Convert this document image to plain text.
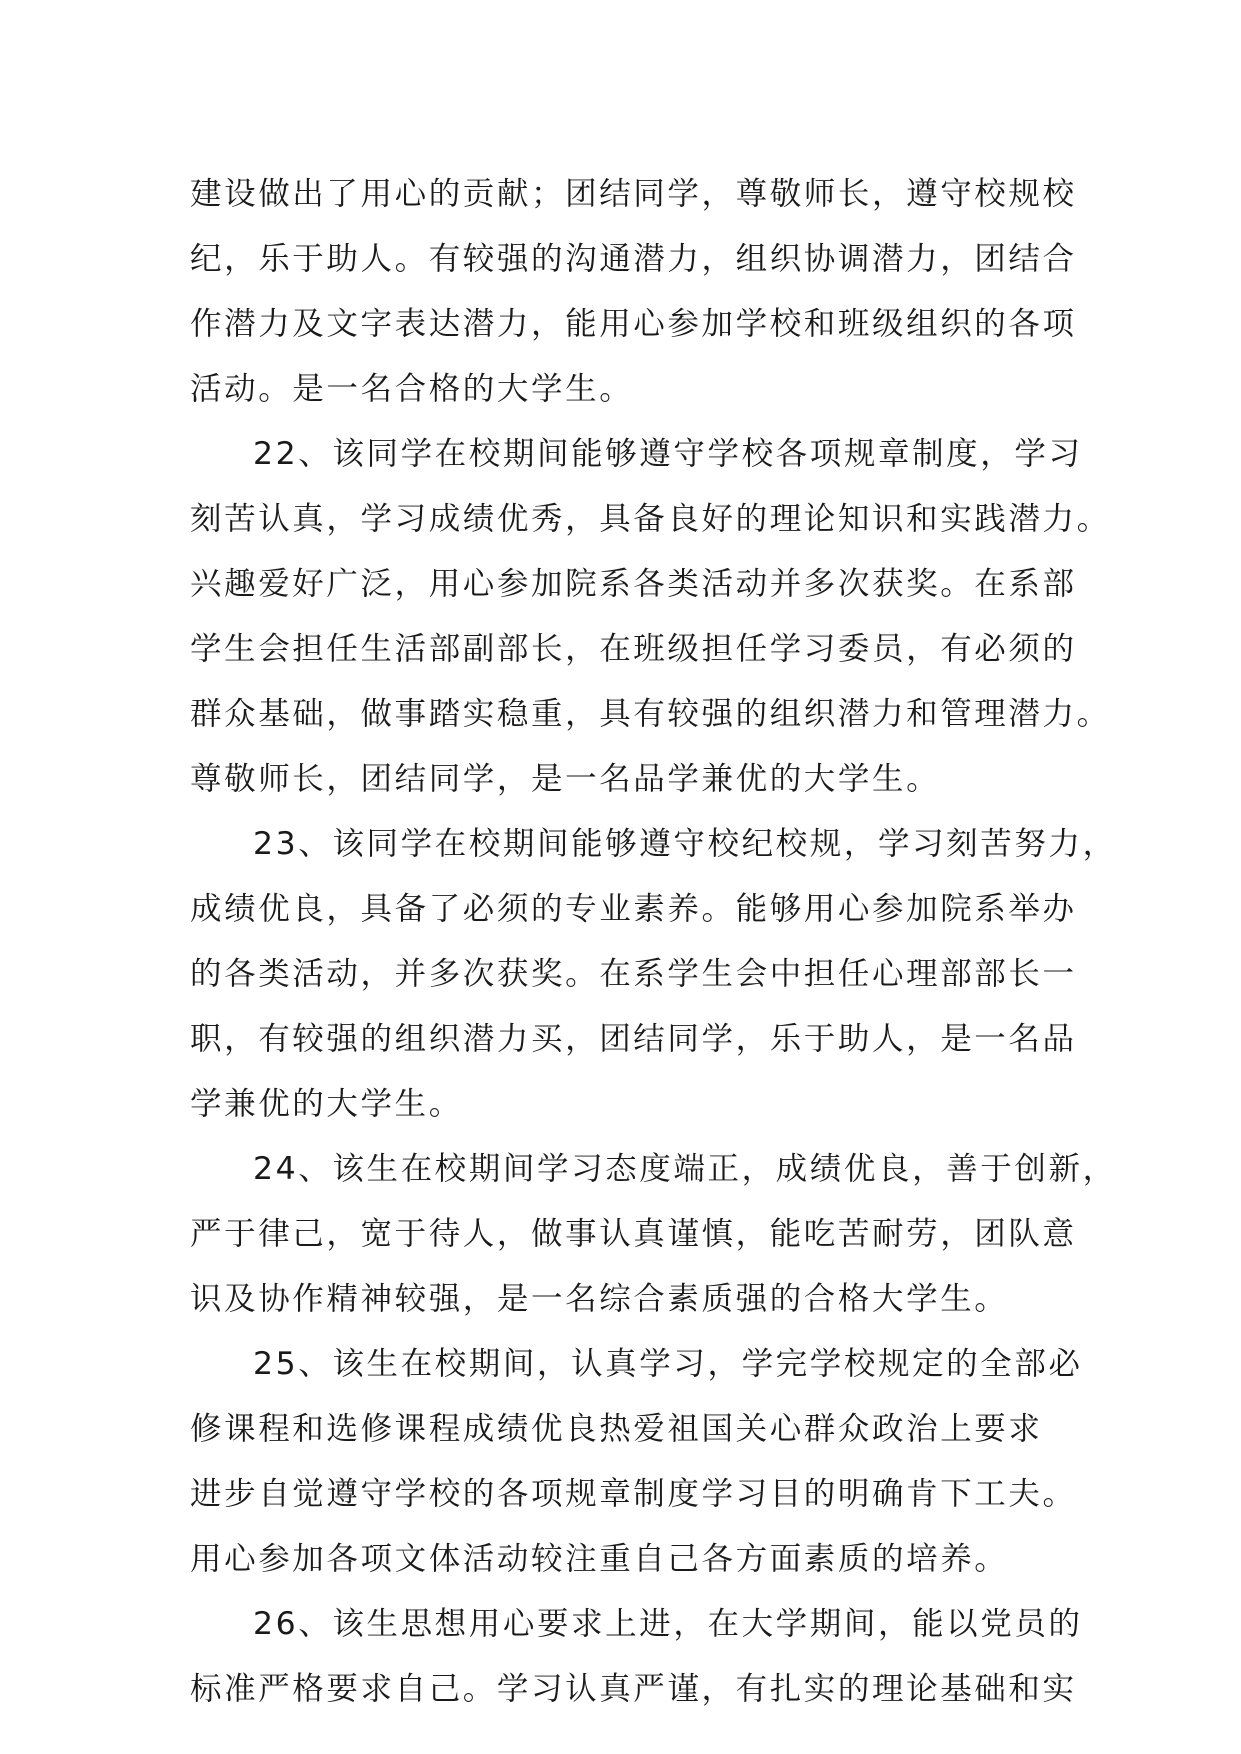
建设做出了用心的贡献；团结同学，尊敬师长，遵守校规校
纪，乐于助人。有较强的沟通潜力，组织协调潜力，团结合
作潜力及文字表达潜力，能用心参加学校和班级组织的各项
活动。是一名合格的大学生。
22、该同学在校期间能够遵守学校各项规章制度，学习
刻苦认真，学习成绩优秀，具备良好的理论知识和实践潜力。
兴趣爱好广泛，用心参加院系各类活动并多次获奖。在系部
学生会担任生活部副部长，在班级担任学习委员，有必须的
群众基础，做事踏实稳重，具有较强的组织潜力和管理潜力。
尊敬师长，团结同学，是一名品学兼优的大学生。
23、该同学在校期间能够遵守校纪校规，学习刻苦努力，
成绩优良，具备了必须的专业素养。能够用心参加院系举办
的各类活动，并多次获奖。在系学生会中担任心理部部长一
职，有较强的组织潜力买，团结同学，乐于助人，是一名品
学兼优的大学生。
24、该生在校期间学习态度端正，成绩优良，善于创新，
严于律己，宽于待人，做事认真谨慎，能吃苦耐劳，团队意
识及协作精神较强，是一名综合素质强的合格大学生。
25、该生在校期间，认真学习，学完学校规定的全部必
修课程和选修课程成绩优良热爱祖国关心群众政治上要求
进步自觉遵守学校的各项规章制度学习目的明确肯下工夫。
用心参加各项文体活动较注重自己各方面素质的培养。
26、该生思想用心要求上进，在大学期间，能以党员的
标准严格要求自己。学习认真严谨，有扎实的理论基础和实
